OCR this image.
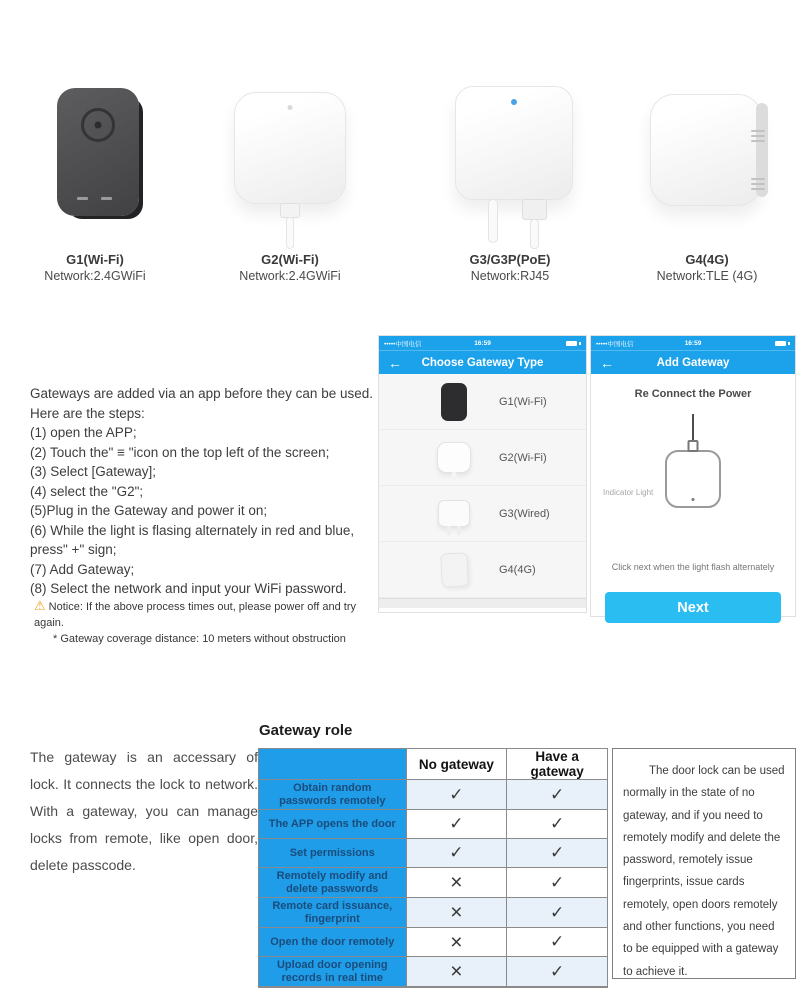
G1(Wi-Fi)
Network:2.4GWiFi
G2(Wi-Fi)
Network:2.4GWiFi
G3/G3P(PoE)
Network:RJ45
G4(4G)
Network:TLE (4G)
Gateways are added via an app before they can be used. Here are the steps:
(1) open the APP;
(2) Touch the" ≡ "icon on the top left of the screen;
(3) Select [Gateway];
(4) select the "G2";
(5)Plug in the Gateway and power it on;
(6) While the light is flasing alternately in red and blue, press" +" sign;
(7) Add Gateway;
(8) Select the network and input your WiFi password.
⚠ Notice: If the above process times out, please power off and try again.
* Gateway coverage distance: 10 meters without obstruction
•••••中国电信	16:59
←	Choose Gateway Type
G1(Wi-Fi)
G2(Wi-Fi)
G3(Wired)
G4(4G)
•••••中国电信	16:59
←	Add Gateway
Re Connect the Power
Indicator Light
Click next when the light flash alternately
Next
Gateway role
The gateway is an accessary of lock. It connects the lock to network. With a gateway, you can manage locks from remote, like open door, delete passcode.
	No gateway	Have a gateway
Obtain random passwords remotely	✓	✓
The APP opens the door	✓	✓
Set permissions	✓	✓
Remotely modify and delete passwords	×	✓
Remote card issuance, fingerprint	×	✓
Open the door remotely	×	✓
Upload door opening records in real time	×	✓
The door lock can be used normally in the state of no gateway, and if you need to remotely modify and delete the password, remotely issue fingerprints, issue cards remotely, open doors remotely and other functions, you need to be equipped with a gateway to achieve it.
